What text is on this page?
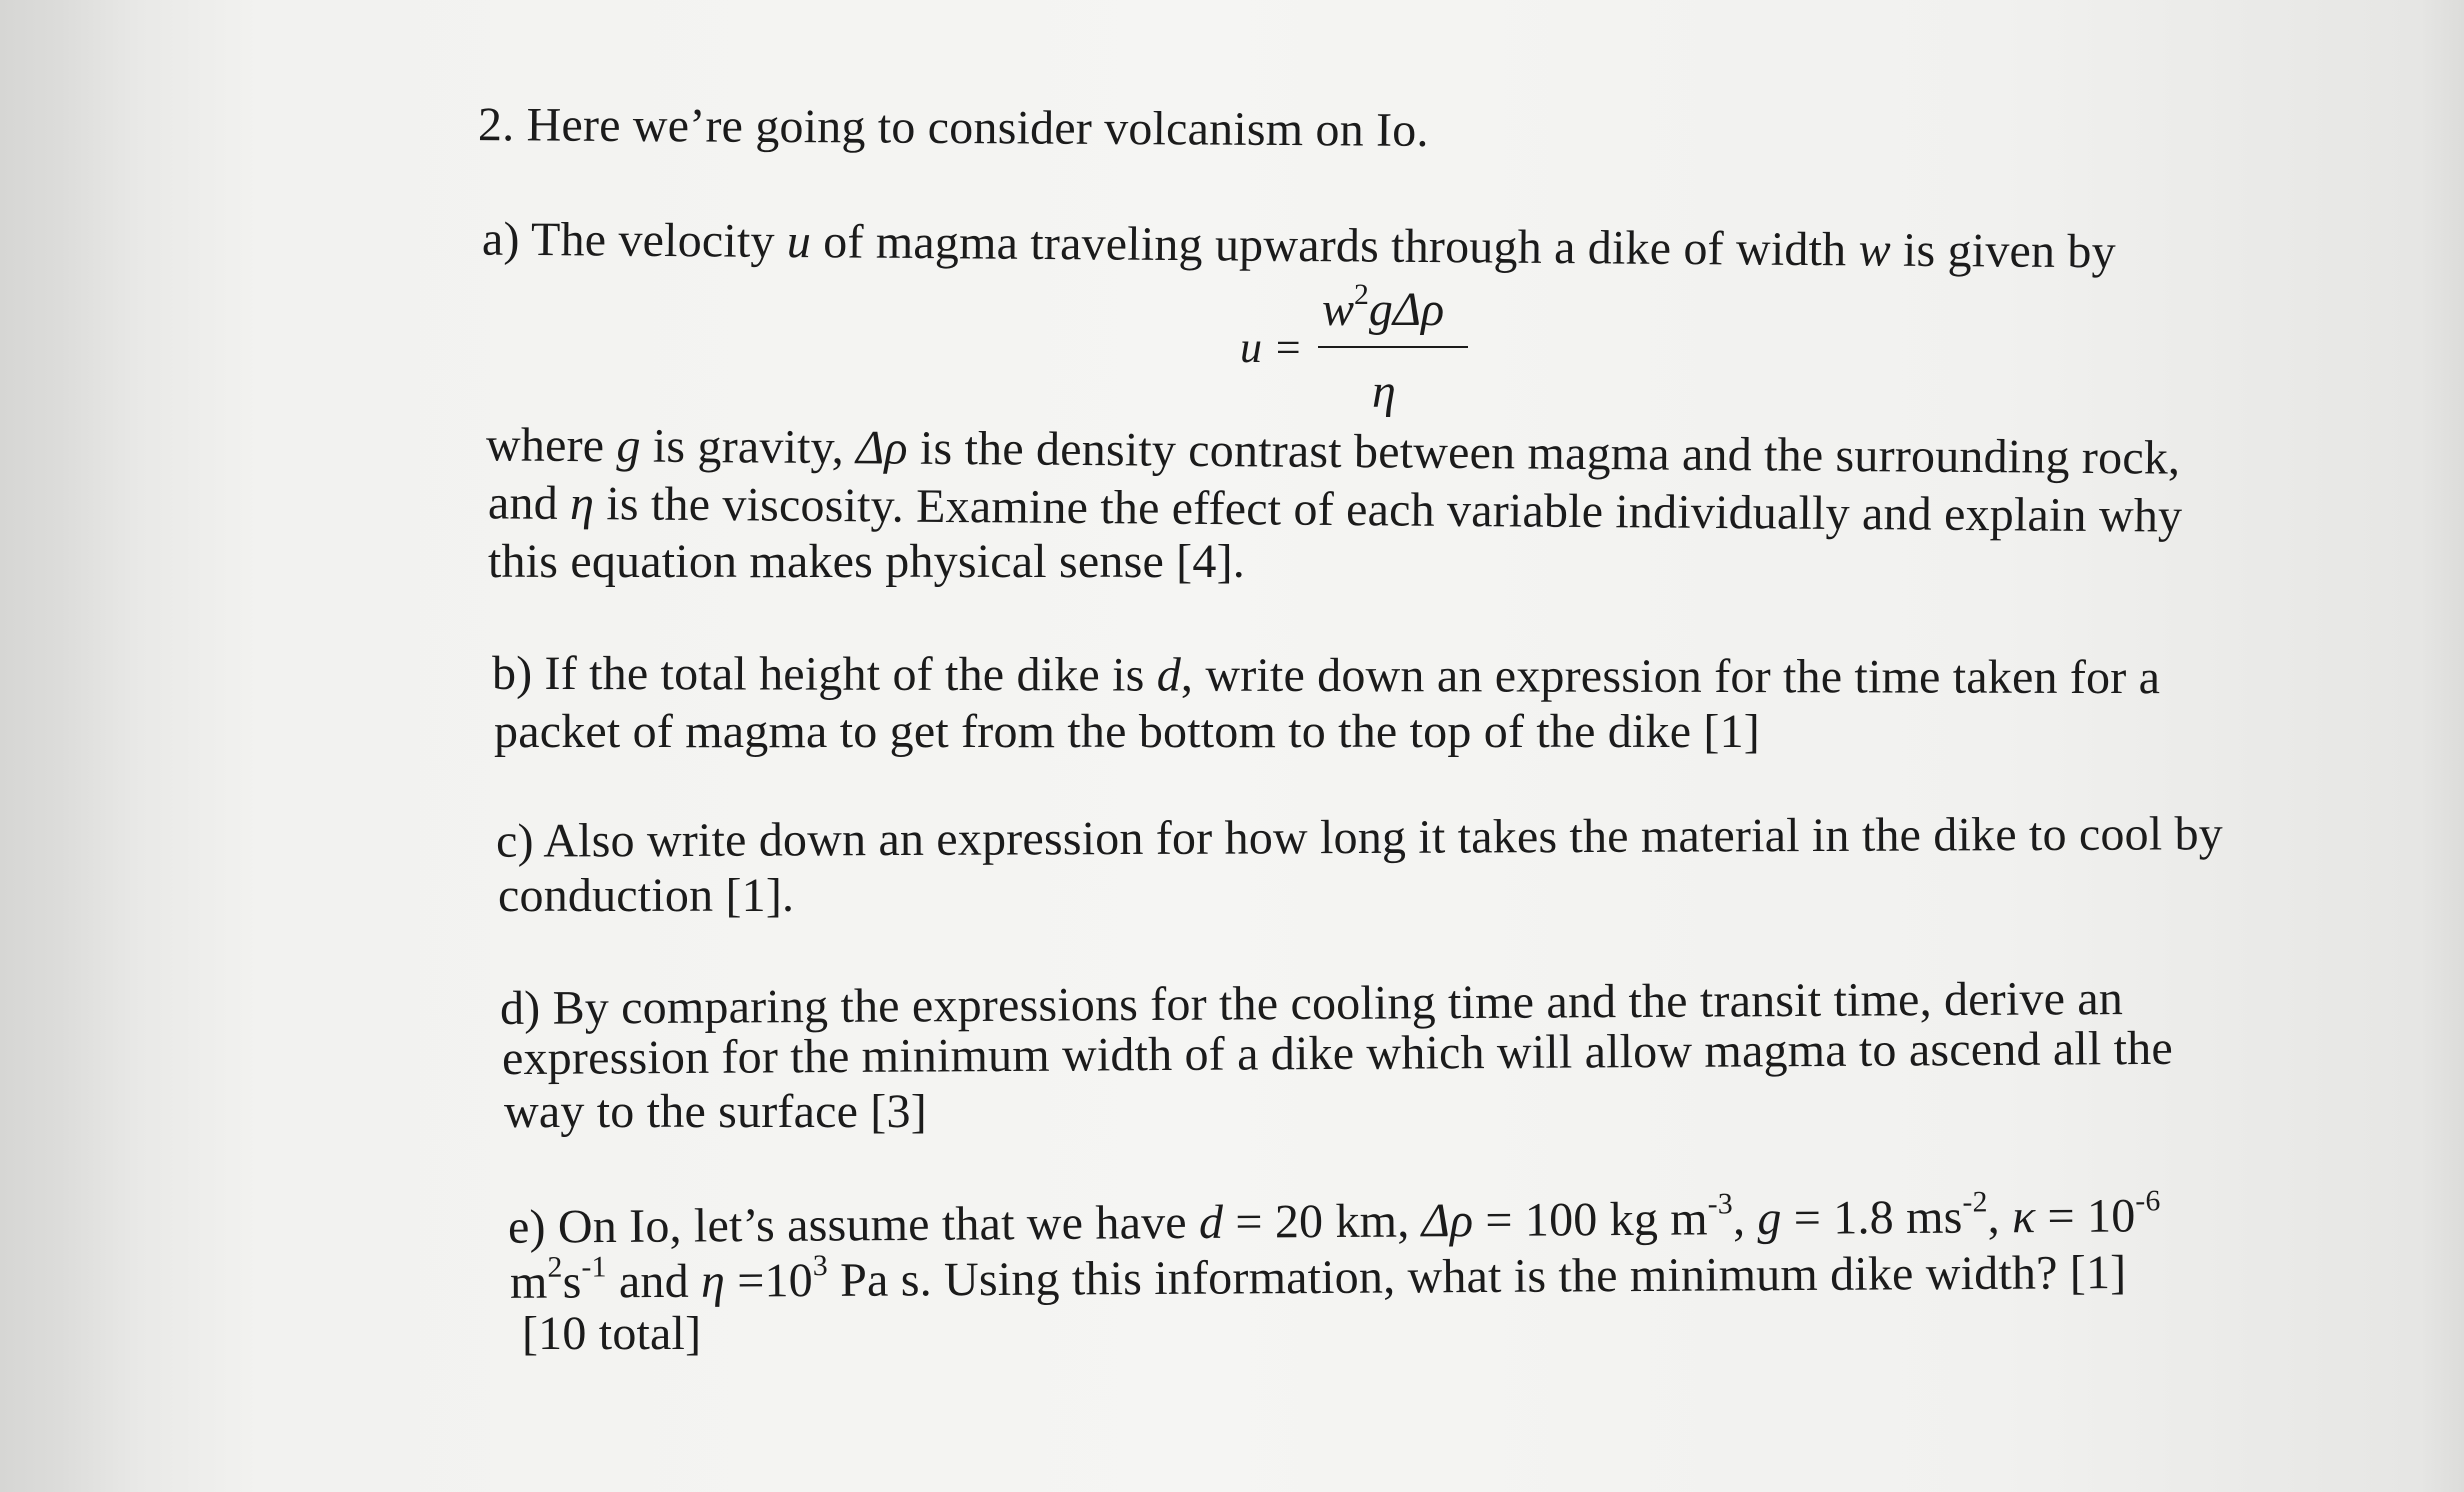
2. Here we’re going to consider volcanism on Io.
a) The velocity u of magma traveling upwards through a dike of width w is given by
u =
$w^2g\Delta\rho$
η
where g is gravity, Δρ is the density contrast between magma and the surrounding rock,
and η is the viscosity. Examine the effect of each variable individually and explain why
this equation makes physical sense [4].
b) If the total height of the dike is d, write down an expression for the time taken for a
packet of magma to get from the bottom to the top of the dike [1]
c) Also write down an expression for how long it takes the material in the dike to cool by
conduction [1].
d) By comparing the expressions for the cooling time and the transit time, derive an
expression for the minimum width of a dike which will allow magma to ascend all the
way to the surface [3]
e) On Io, let’s assume that we have d = 20 km, Δρ = 100 kg $m^{-3}$, g = 1.8 $ms^{-2}$, $\kappa = 10^{-6}$
$m^2s^{-1}$ and $\eta =10^3$ Pa s. Using this information, what is the minimum dike width? [1]
[10 total]
